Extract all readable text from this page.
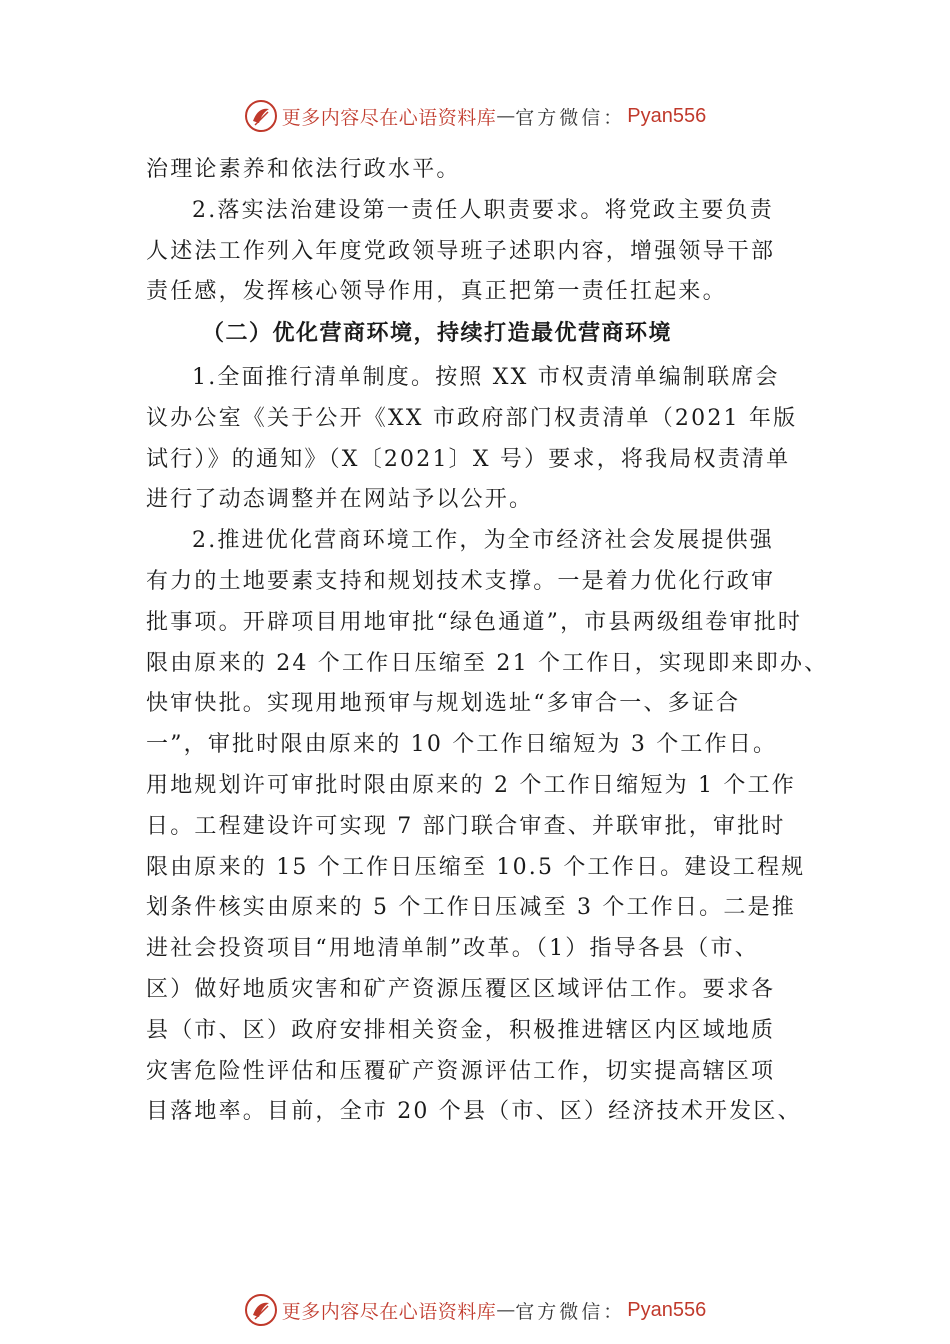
更多内容尽在心语资料库 — 官方微信： Pyan556
治理论素养和依法行政水平。
2.落实法治建设第一责任人职责要求。将党政主要负责
人述法工作列入年度党政领导班子述职内容，增强领导干部
责任感，发挥核心领导作用，真正把第一责任扛起来。
（二）优化营商环境，持续打造最优营商环境
1.全面推行清单制度。按照 XX 市权责清单编制联席会
议办公室《关于公开《XX 市政府部门权责清单（2021 年版
试行）》的通知》（X〔2021〕X 号）要求，将我局权责清单
进行了动态调整并在网站予以公开。
2.推进优化营商环境工作，为全市经济社会发展提供强
有力的土地要素支持和规划技术支撑。一是着力优化行政审
批事项。开辟项目用地审批“绿色通道”，市县两级组卷审批时
限由原来的 24 个工作日压缩至 21 个工作日，实现即来即办、
快审快批。实现用地预审与规划选址“多审合一、多证合
一”，审批时限由原来的 10 个工作日缩短为 3 个工作日。
用地规划许可审批时限由原来的 2 个工作日缩短为 1 个工作
日。工程建设许可实现 7 部门联合审查、并联审批，审批时
限由原来的 15 个工作日压缩至 10.5 个工作日。建设工程规
划条件核实由原来的 5 个工作日压减至 3 个工作日。二是推
进社会投资项目“用地清单制”改革。（1）指导各县（市、
区）做好地质灾害和矿产资源压覆区区域评估工作。要求各
县（市、区）政府安排相关资金，积极推进辖区内区域地质
灾害危险性评估和压覆矿产资源评估工作，切实提高辖区项
目落地率。目前，全市 20 个县（市、区）经济技术开发区、
更多内容尽在心语资料库 — 官方微信： Pyan556
